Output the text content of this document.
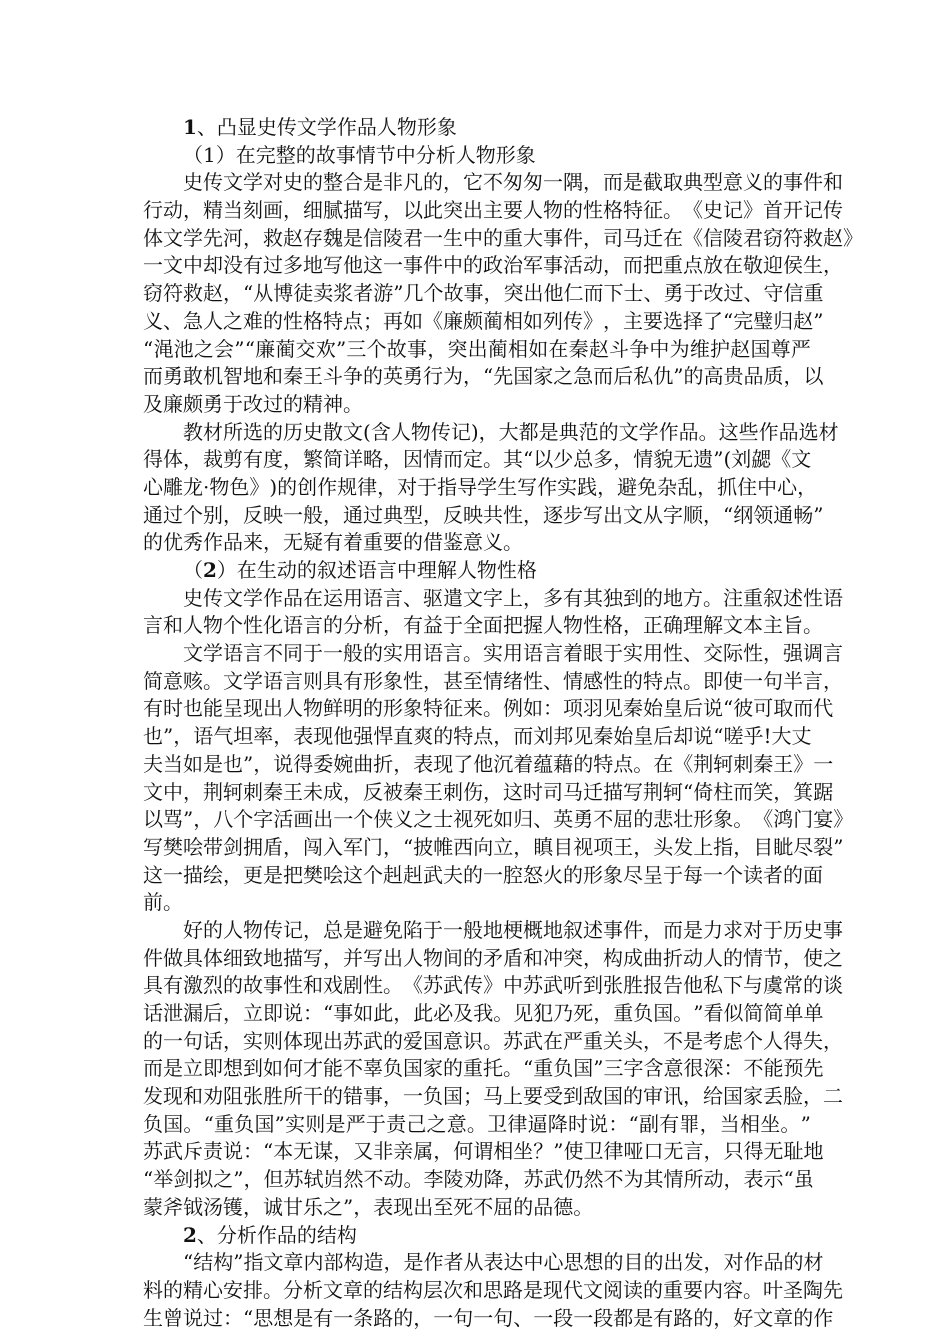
1 、凸显史传文学作品人物形象
（1）在完整的故事情节中分析人物形象
史 传 文 学 对 史 的 整 合 是 非 凡 的 ， 它 不 匆 匆 一 隅 ， 而 是 截 取 典 型 意 义 的 事 件 和
行 动 ， 精 当 刻 画 ， 细 腻 描 写 ， 以 此 突 出 主 要 人 物 的 性 格 特 征 。 《 史 记 》 首 开 记 传
体 文 学 先 河 ， 救 赵 存 魏 是 信 陵 君 一 生 中 的 重 大 事 件 ， 司 马 迁 在 《 信 陵 君 窃 符 救 赵 》
一 文 中 却 没 有 过 多 地 写 他 这 一 事 件 中 的 政 治 军 事 活 动 ， 而 把 重 点 放 在 敬 迎 侯 生 ，
窃 符 救 赵 ， “ 从 博 徒 卖 浆 者 游 ” 几 个 故 事 ， 突 出 他 仁 而 下 士 、 勇 于 改 过 、 守 信 重
义 、 急 人 之 难 的 性 格 特 点 ； 再 如 《 廉 颇 蔺 相 如 列 传 》 ， 主 要 选 择 了 “ 完 璧 归 赵 ”
“ 渑 池 之 会 ” “ 廉 蔺 交 欢 ” 三 个 故 事 ， 突 出 蔺 相 如 在 秦 赵 斗 争 中 为 维 护 赵 国 尊 严
而 勇 敢 机 智 地 和 秦 王 斗 争 的 英 勇 行 为 ， “ 先 国 家 之 急 而 后 私 仇 ” 的 高 贵 品 质 ， 以
及廉颇勇于改过的精神。
教 材 所 选 的 历 史 散 文 ( 含 人 物 传 记 ) ， 大 都 是 典 范 的 文 学 作 品 。 这 些 作 品 选 材
得 体 ， 裁 剪 有 度 ， 繁 简 详 略 ， 因 情 而 定 。 其 “ 以 少 总 多 ， 情 貌 无 遗 ” ( 刘 勰 《 文
心 雕 龙 · 物 色 》 ) 的 创 作 规 律 ， 对 于 指 导 学 生 写 作 实 践 ， 避 免 杂 乱 ， 抓 住 中 心 ，
通 过 个 别 ， 反 映 一 般 ， 通 过 典 型 ， 反 映 共 性 ， 逐 步 写 出 文 从 字 顺 ， “ 纲 领 通 畅 ”
的优秀作品来，无疑有着重要的借鉴意义。
（ 2 ）在生动的叙述语言中理解人物性格
史 传 文 学 作 品 在 运 用 语 言 、 驱 遣 文 字 上 ， 多 有 其 独 到 的 地 方 。 注 重 叙 述 性 语
言和人物个性化语言的分析，有益于全面把握人物性格，正确理解文本主旨。
文 学 语 言 不 同 于 一 般 的 实 用 语 言 。 实 用 语 言 着 眼 于 实 用 性 、 交 际 性 ， 强 调 言
简 意 赅 。 文 学 语 言 则 具 有 形 象 性 ， 甚 至 情 绪 性 、 情 感 性 的 特 点 。 即 使 一 句 半 言 ，
有 时 也 能 呈 现 出 人 物 鲜 明 的 形 象 特 征 来 。 例 如 ： 项 羽 见 秦 始 皇 后 说 “ 彼 可 取 而 代
也 ” ， 语 气 坦 率 ， 表 现 他 强 悍 直 爽 的 特 点 ， 而 刘 邦 见 秦 始 皇 后 却 说 “ 嗟 乎 ! 大 丈
夫 当 如 是 也 ” ， 说 得 委 婉 曲 折 ， 表 现 了 他 沉 着 蕴 藉 的 特 点 。 在 《 荆 轲 刺 秦 王 》 一
文 中 ， 荆 轲 刺 秦 王 未 成 ， 反 被 秦 王 刺 伤 ， 这 时 司 马 迁 描 写 荆 轲 “ 倚 柱 而 笑 ， 箕 踞
以 骂 ” ， 八 个 字 活 画 出 一 个 侠 义 之 士 视 死 如 归 、 英 勇 不 屈 的 悲 壮 形 象 。 《 鸿 门 宴 》
写 樊 哙 带 剑 拥 盾 ， 闯 入 军 门 ， “ 披 帷 西 向 立 ， 瞋 目 视 项 王 ， 头 发 上 指 ， 目 眦 尽 裂 ”
这 一 描 绘 ， 更 是 把 樊 哙 这 个 赳 赳 武 夫 的 一 腔 怒 火 的 形 象 尽 呈 于 每 一 个 读 者 的 面
前。
好 的 人 物 传 记 ， 总 是 避 免 陷 于 一 般 地 梗 概 地 叙 述 事 件 ， 而 是 力 求 对 于 历 史 事
件 做 具 体 细 致 地 描 写 ， 并 写 出 人 物 间 的 矛 盾 和 冲 突 ， 构 成 曲 折 动 人 的 情 节 ， 使 之
具 有 激 烈 的 故 事 性 和 戏 剧 性 。 《 苏 武 传 》 中 苏 武 听 到 张 胜 报 告 他 私 下 与 虞 常 的 谈
话 泄 漏 后 ， 立 即 说 ： “ 事 如 此 ， 此 必 及 我 。 见 犯 乃 死 ， 重 负 国 。 ” 看 似 简 简 单 单
的 一 句 话 ， 实 则 体 现 出 苏 武 的 爱 国 意 识 。 苏 武 在 严 重 关 头 ， 不 是 考 虑 个 人 得 失 ，
而 是 立 即 想 到 如 何 才 能 不 辜 负 国 家 的 重 托 。 “ 重 负 国 ” 三 字 含 意 很 深 ： 不 能 预 先
发 现 和 劝 阻 张 胜 所 干 的 错 事 ， 一 负 国 ； 马 上 要 受 到 敌 国 的 审 讯 ， 给 国 家 丢 脸 ， 二
负 国 。 “ 重 负 国 ” 实 则 是 严 于 责 己 之 意 。 卫 律 逼 降 时 说 ： “ 副 有 罪 ， 当 相 坐 。 ”
苏 武 斥 责 说 ： “ 本 无 谋 ， 又 非 亲 属 ， 何 谓 相 坐 ？ ” 使 卫 律 哑 口 无 言 ， 只 得 无 耻 地
“ 举 剑 拟 之 ” ， 但 苏 轼 岿 然 不 动 。 李 陵 劝 降 ， 苏 武 仍 然 不 为 其 情 所 动 ， 表 示 “ 虽
蒙斧钺汤镬，诚甘乐之”，表现出至死不屈的品德。
2 、分析作品的结构
“ 结 构 ” 指 文 章 内 部 构 造 ， 是 作 者 从 表 达 中 心 思 想 的 目 的 出 发 ， 对 作 品 的 材
料 的 精 心 安 排 。 分 析 文 章 的 结 构 层 次 和 思 路 是 现 代 文 阅 读 的 重 要 内 容 。 叶 圣 陶 先
生 曾 说 过 ： “ 思 想 是 有 一 条 路 的 ， 一 句 一 句 、 一 段 一 段 都 是 有 路 的 ， 好 文 章 的 作
